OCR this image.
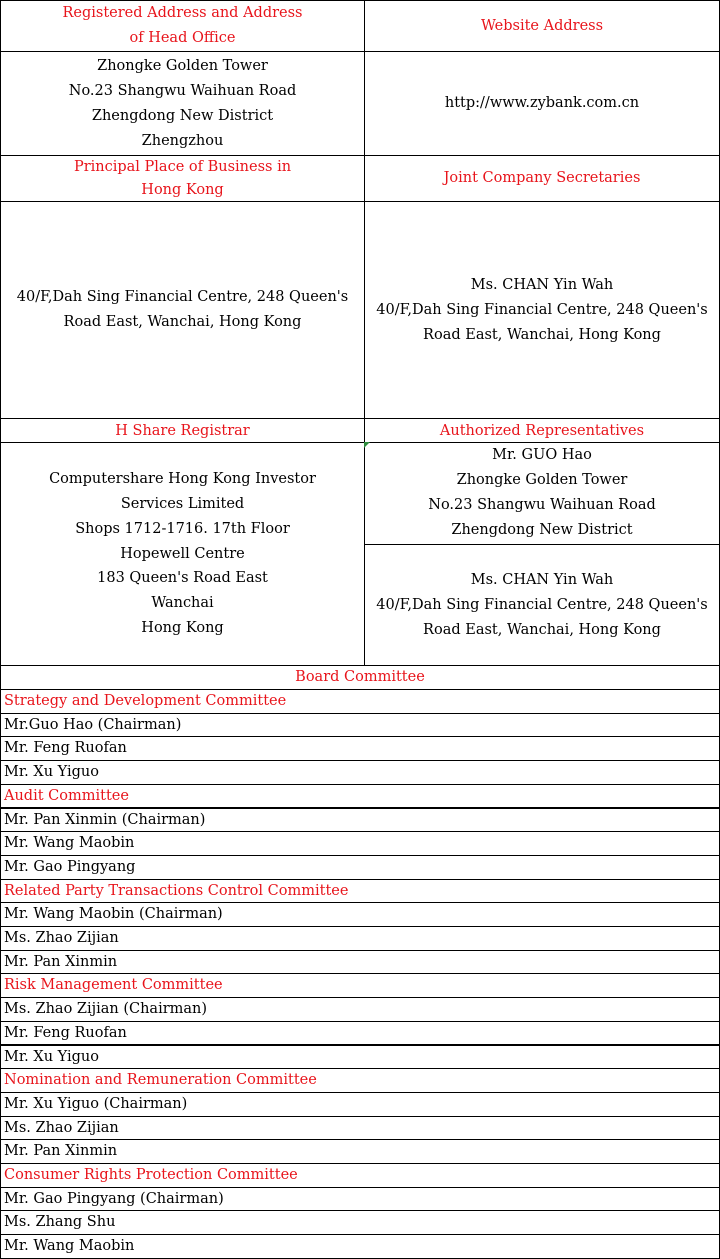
Registered Address and Address
of Head Office
Website Address
Zhongke Golden Tower
No.23 Shangwu Waihuan Road
Zhengdong New District
Zhengzhou
http://www.zybank.com.cn
Principal Place of Business in
Hong Kong
Joint Company Secretaries
40/F,Dah Sing Financial Centre, 248 Queen's
Road East, Wanchai, Hong Kong
Ms. CHAN Yin Wah
40/F,Dah Sing Financial Centre, 248 Queen's
Road East, Wanchai, Hong Kong
H Share Registrar	Authorized Representatives
Computershare Hong Kong Investor
Services Limited
Shops 1712-1716. 17th Floor
Hopewell Centre
183 Queen's Road East
Wanchai
Hong Kong
Mr. GUO Hao
Zhongke Golden Tower
No.23 Shangwu Waihuan Road
Zhengdong New District
Ms. CHAN Yin Wah
40/F,Dah Sing Financial Centre, 248 Queen's
Road East, Wanchai, Hong Kong
Board Committee
Strategy and Development Committee
Mr.Guo Hao (Chairman)
Mr. Feng Ruofan
Mr. Xu Yiguo
Audit Committee
Mr. Pan Xinmin (Chairman)
Mr. Wang Maobin
Mr. Gao Pingyang
Related Party Transactions Control Committee
Mr. Wang Maobin (Chairman)
Ms. Zhao Zijian
Mr. Pan Xinmin
Risk Management Committee
Ms. Zhao Zijian (Chairman)
Mr. Feng Ruofan
Mr. Xu Yiguo
Nomination and Remuneration Committee
Mr. Xu Yiguo (Chairman)
Ms. Zhao Zijian
Mr. Pan Xinmin
Consumer Rights Protection Committee
Mr. Gao Pingyang (Chairman)
Ms. Zhang Shu
Mr. Wang Maobin
